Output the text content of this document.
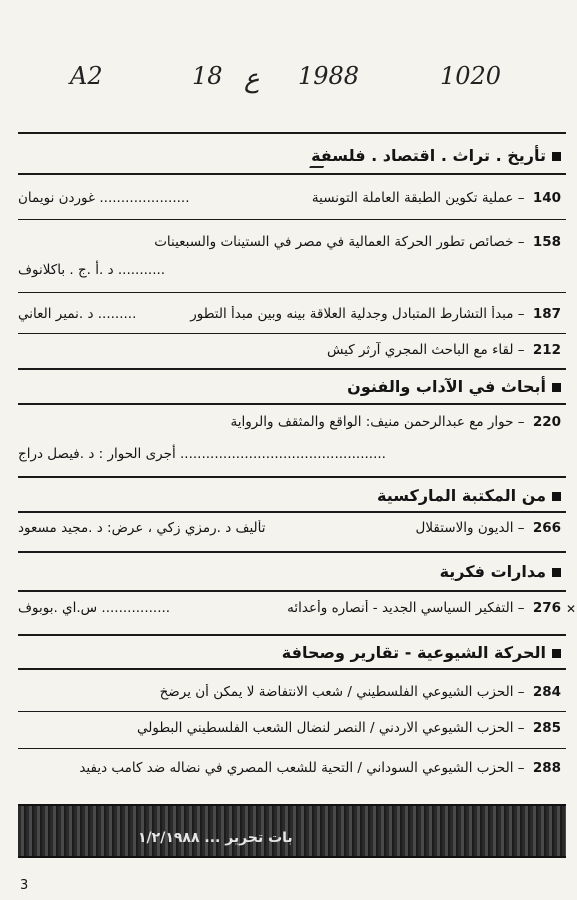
A2	18 ع 1988	1020
تأريخ . تراث . اقتصاد . فلسفة
140 – عملية تكوين الطبقة العاملة التونسية
..................... غوردن نويمان
158 – خصائص تطور الحركة العمالية في مصر في الستينات والسبعينات
........... د .أ .ج . باكلانوف
187 – مبدأ التشارط المتبادل وجدلية العلاقة بينه وبين مبدأ التطور
......... د .نمير العاني
212 – لقاء مع الباحث المجري آرثر كيش
أبحاث في الآداب والفنون
220 – حوار مع عبدالرحمن منيف: الواقع والمثقف والرواية
................................................ أجرى الحوار : د .فيصل دراج
من المكتبة الماركسية
266 – الديون والاستقلال
تأليف د .رمزي زكي ، عرض: د .مجيد مسعود
مدارات فكرية
276 – التفكير السياسي الجديد - أنصاره وأعدائه
................ س.اي .بوبوف	✕
الحركة الشيوعية - تقارير وصحافة
284 – الحزب الشيوعي الفلسطيني / شعب الانتفاضة لا يمكن أن يرضخ
285 – الحزب الشيوعي الاردني / النصر لنضال الشعب الفلسطيني البطولي
288 – الحزب الشيوعي السوداني / التحية للشعب المصري في نضاله ضد كامب ديفيد
بات تحرير ... ١/٢/١٩٨٨
3
